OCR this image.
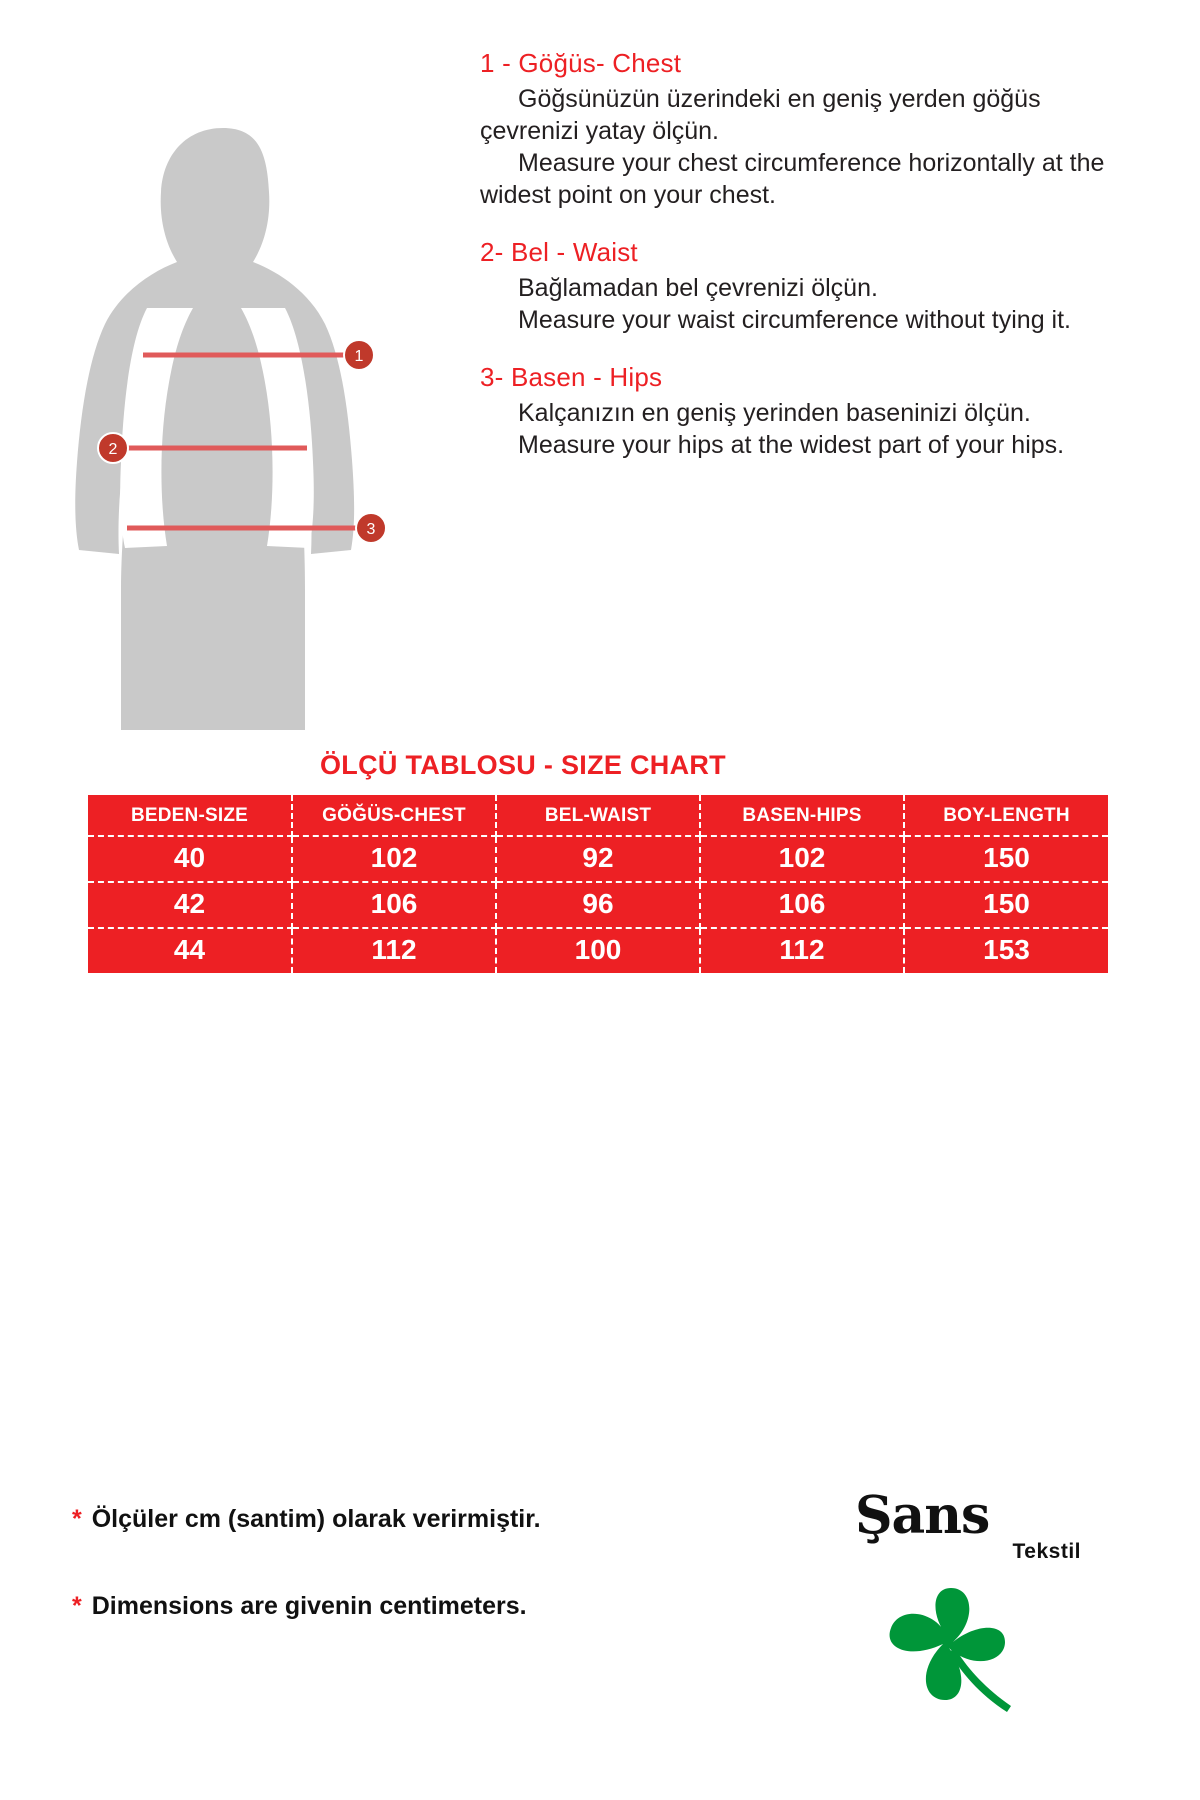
1
2
3
1 - Göğüs- Chest

Göğsünüzün üzerindeki en geniş yerden göğüs çevrenizi yatay ölçün.

Measure your chest circumference horizontally at the widest point on your chest.

2- Bel - Waist

Bağlamadan bel çevrenizi ölçün.

Measure your waist circumference without tying it.

3- Basen - Hips

Kalçanızın en geniş yerinden baseninizi ölçün.

Measure your hips at the widest part of your hips.

ÖLÇÜ TABLOSU - SIZE CHART
BEDEN-SIZE	GÖĞÜS-CHEST	BEL-WAIST	BASEN-HIPS	BOY-LENGTH
40	102	92	102	150
42	106	96	106	150
44	112	100	112	153
* Ölçüler cm (santim) olarak verirmiştir.
* Dimensions are givenin centimeters.
Şans
Tekstil
